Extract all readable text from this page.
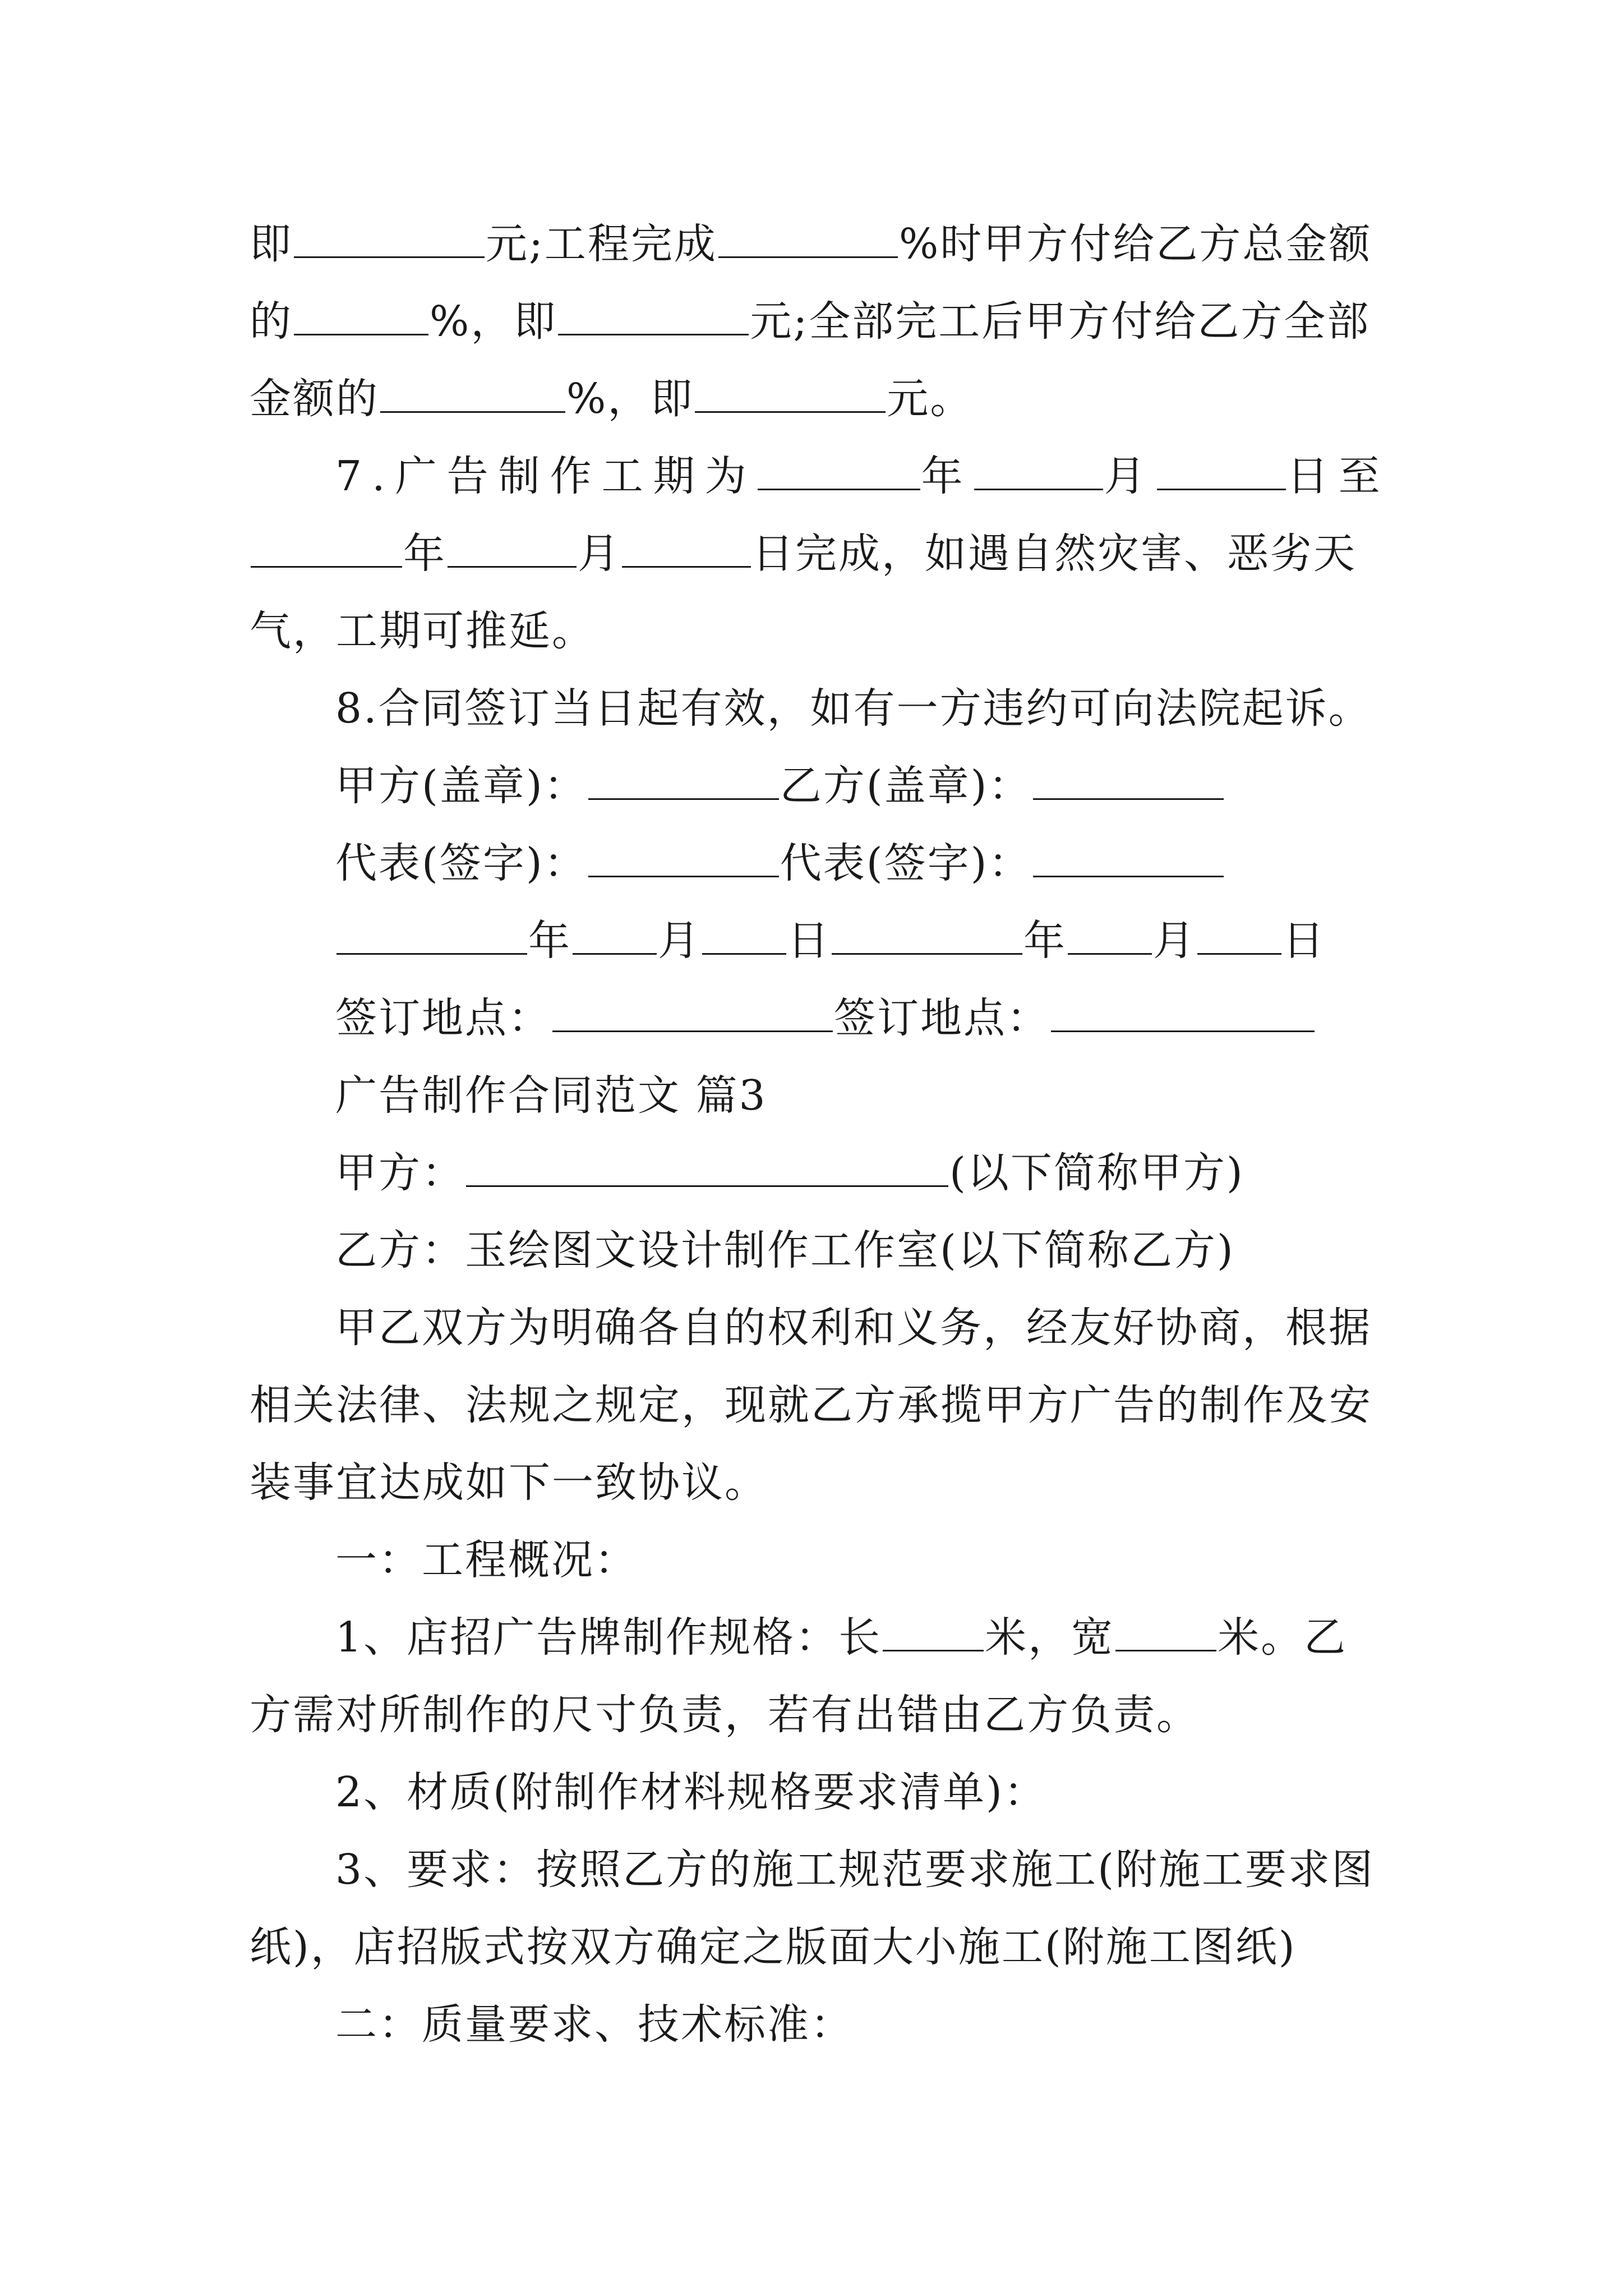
即	元;工程完成	%时甲方付给乙方总金额
的	%，即	元;全部完工后甲方付给乙方全部
金额的	%，即	元。
7.广告制作工期为	年	月	日至
年	月	日完成，如遇自然灾害、恶劣天
气，工期可推延。
8.合同签订当日起有效，如有一方违约可向法院起诉。
甲方(盖章)：	乙方(盖章)：
代表(签字)：	代表(签字)：
年 月 日	年 月 日
签订地点：	签订地点：
广告制作合同范文 篇3
甲方：	(以下简称甲方)
乙方：玉绘图文设计制作工作室(以下简称乙方)
甲乙双方为明确各自的权利和义务，经友好协商，根据
相关法律、法规之规定，现就乙方承揽甲方广告的制作及安
装事宜达成如下一致协议。
一：工程概况：
1、店招广告牌制作规格：长 米，宽 米。乙
方需对所制作的尺寸负责，若有出错由乙方负责。
2、材质(附制作材料规格要求清单)：
3、要求：按照乙方的施工规范要求施工(附施工要求图
纸)，店招版式按双方确定之版面大小施工(附施工图纸)
二：质量要求、技术标准：
